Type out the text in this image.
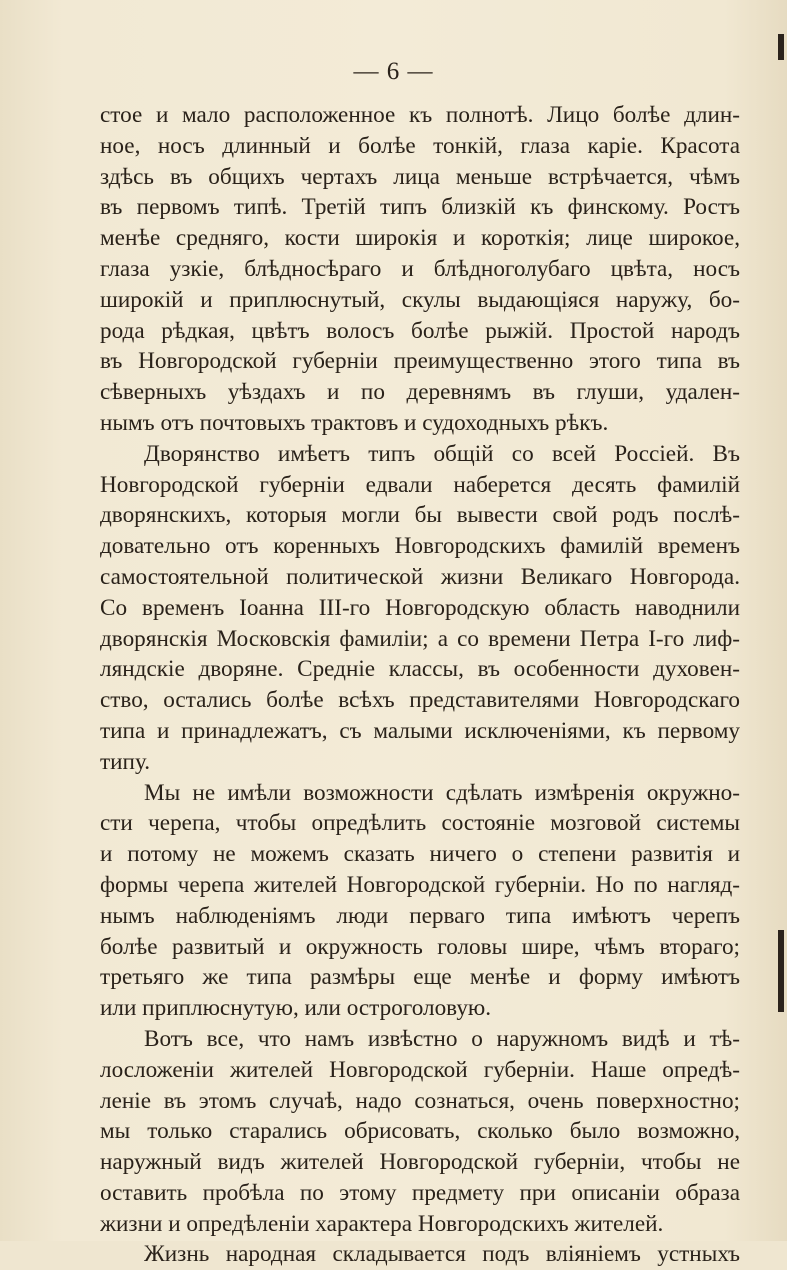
— 6 —
стое и мало расположенное къ полнотѣ. Лицо болѣе длин-
ное, носъ длинный и болѣе тонкій, глаза каріе. Красота
здѣсь въ общихъ чертахъ лица меньше встрѣчается, чѣмъ
въ первомъ типѣ. Третій типъ близкій къ финскому. Ростъ
менѣе средняго, кости широкія и короткія; лице широкое,
глаза узкіе, блѣдносѣраго и блѣдноголубаго цвѣта, носъ
широкій и приплюснутый, скулы выдающіяся наружу, бо-
рода рѣдкая, цвѣтъ волосъ болѣе рыжій. Простой народъ
въ Новгородской губерніи преимущественно этого типа въ
сѣверныхъ уѣздахъ и по деревнямъ въ глуши, удален-
нымъ отъ почтовыхъ трактовъ и судоходныхъ рѣкъ.
Дворянство имѣетъ типъ общій со всей Россіей. Въ
Новгородской губерніи едвали наберется десять фамилій
дворянскихъ, которыя могли бы вывести свой родъ послѣ-
довательно отъ коренныхъ Новгородскихъ фамилій временъ
самостоятельной политической жизни Великаго Новгорода.
Со временъ Іоанна III-го Новгородскую область наводнили
дворянскія Московскія фамиліи; а со времени Петра I-го лиф-
ляндскіе дворяне. Средніе классы, въ особенности духовен-
ство, остались болѣе всѣхъ представителями Новгородскаго
типа и принадлежатъ, съ малыми исключеніями, къ первому
типу.
Мы не имѣли возможности сдѣлать измѣренія окружно-
сти черепа, чтобы опредѣлить состояніе мозговой системы
и потому не можемъ сказать ничего о степени развитія и
формы черепа жителей Новгородской губерніи. Но по нагляд-
нымъ наблюденіямъ люди перваго типа имѣютъ черепъ
болѣе развитый и окружность головы шире, чѣмъ втораго;
третьяго же типа размѣры еще менѣе и форму имѣютъ
или приплюснутую, или остроголовую.
Вотъ все, что намъ извѣстно о наружномъ видѣ и тѣ-
лосложеніи жителей Новгородской губерніи. Наше опредѣ-
леніе въ этомъ случаѣ, надо сознаться, очень поверхностно;
мы только старались обрисовать, сколько было возможно,
наружный видъ жителей Новгородской губерніи, чтобы не
оставить пробѣла по этому предмету при описаніи образа
жизни и опредѣленіи характера Новгородскихъ жителей.
Жизнь народная складывается подъ вліяніемъ устныхъ
